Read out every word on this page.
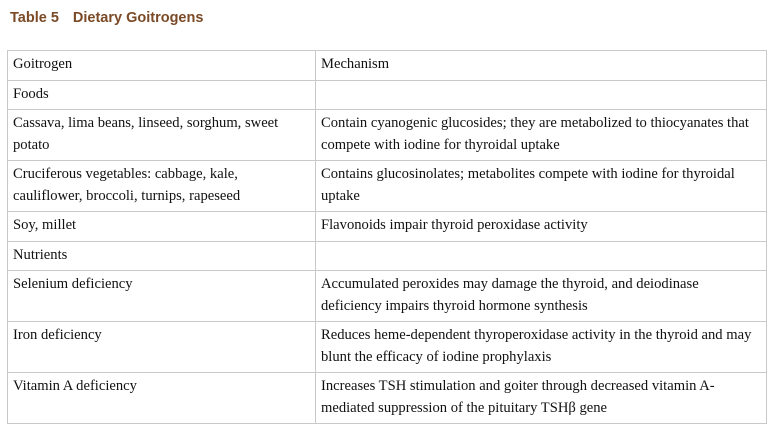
Table 5 Dietary Goitrogens
Goitrogen	Mechanism
Foods	
Cassava, lima beans, linseed, sorghum, sweet potato	Contain cyanogenic glucosides; they are metabolized to thiocyanates that compete with iodine for thyroidal uptake
Cruciferous vegetables: cabbage, kale, cauliflower, broccoli, turnips, rapeseed	Contains glucosinolates; metabolites compete with iodine for thyroidal uptake
Soy, millet	Flavonoids impair thyroid peroxidase activity
Nutrients	
Selenium deficiency	Accumulated peroxides may damage the thyroid, and deiodinase deficiency impairs thyroid hormone synthesis
Iron deficiency	Reduces heme-dependent thyroperoxidase activity in the thyroid and may blunt the efficacy of iodine prophylaxis
Vitamin A deficiency	Increases TSH stimulation and goiter through decreased vitamin A-mediated suppression of the pituitary TSHβ gene
